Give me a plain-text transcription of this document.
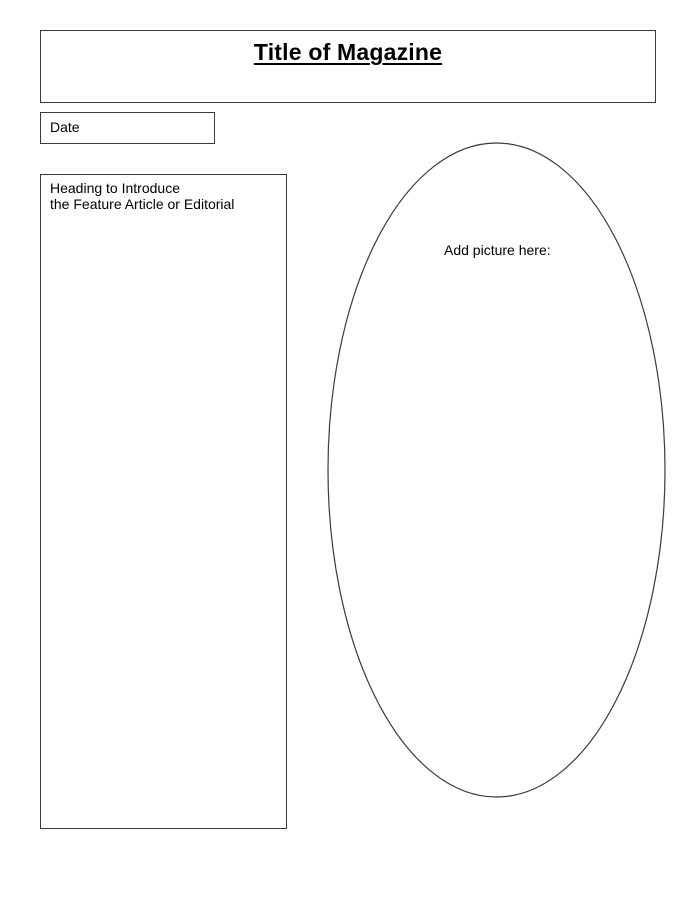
Title of Magazine
Date
Heading to Introduce
the Feature Article or Editorial
Add picture here:
